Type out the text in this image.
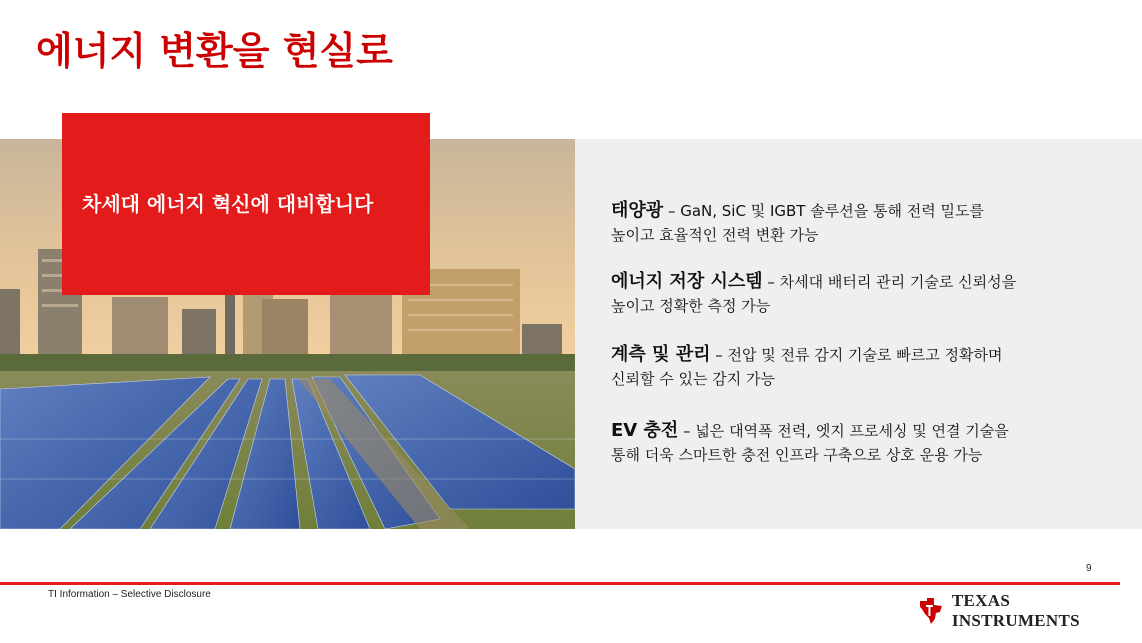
에너지 변환을 현실로
차세대 에너지 혁신에 대비합니다	태양광 – GaN, SiC 및 IGBT 솔루션을 통해 전력 밀도를
높이고 효율적인 전력 변환 가능
에너지 저장 시스템 – 차세대 배터리 관리 기술로 신뢰성을
높이고 정확한 측정 가능
계측 및 관리 – 전압 및 전류 감지 기술로 빠르고 정확하며
신뢰할 수 있는 감지 가능
EV 충전 – 넓은 대역폭 전력, 엣지 프로세싱 및 연결 기술을
통해 더욱 스마트한 충전 인프라 구축으로 상호 운용 가능
9
TI Information – Selective Disclosure	TEXAS INSTRUMENTS
